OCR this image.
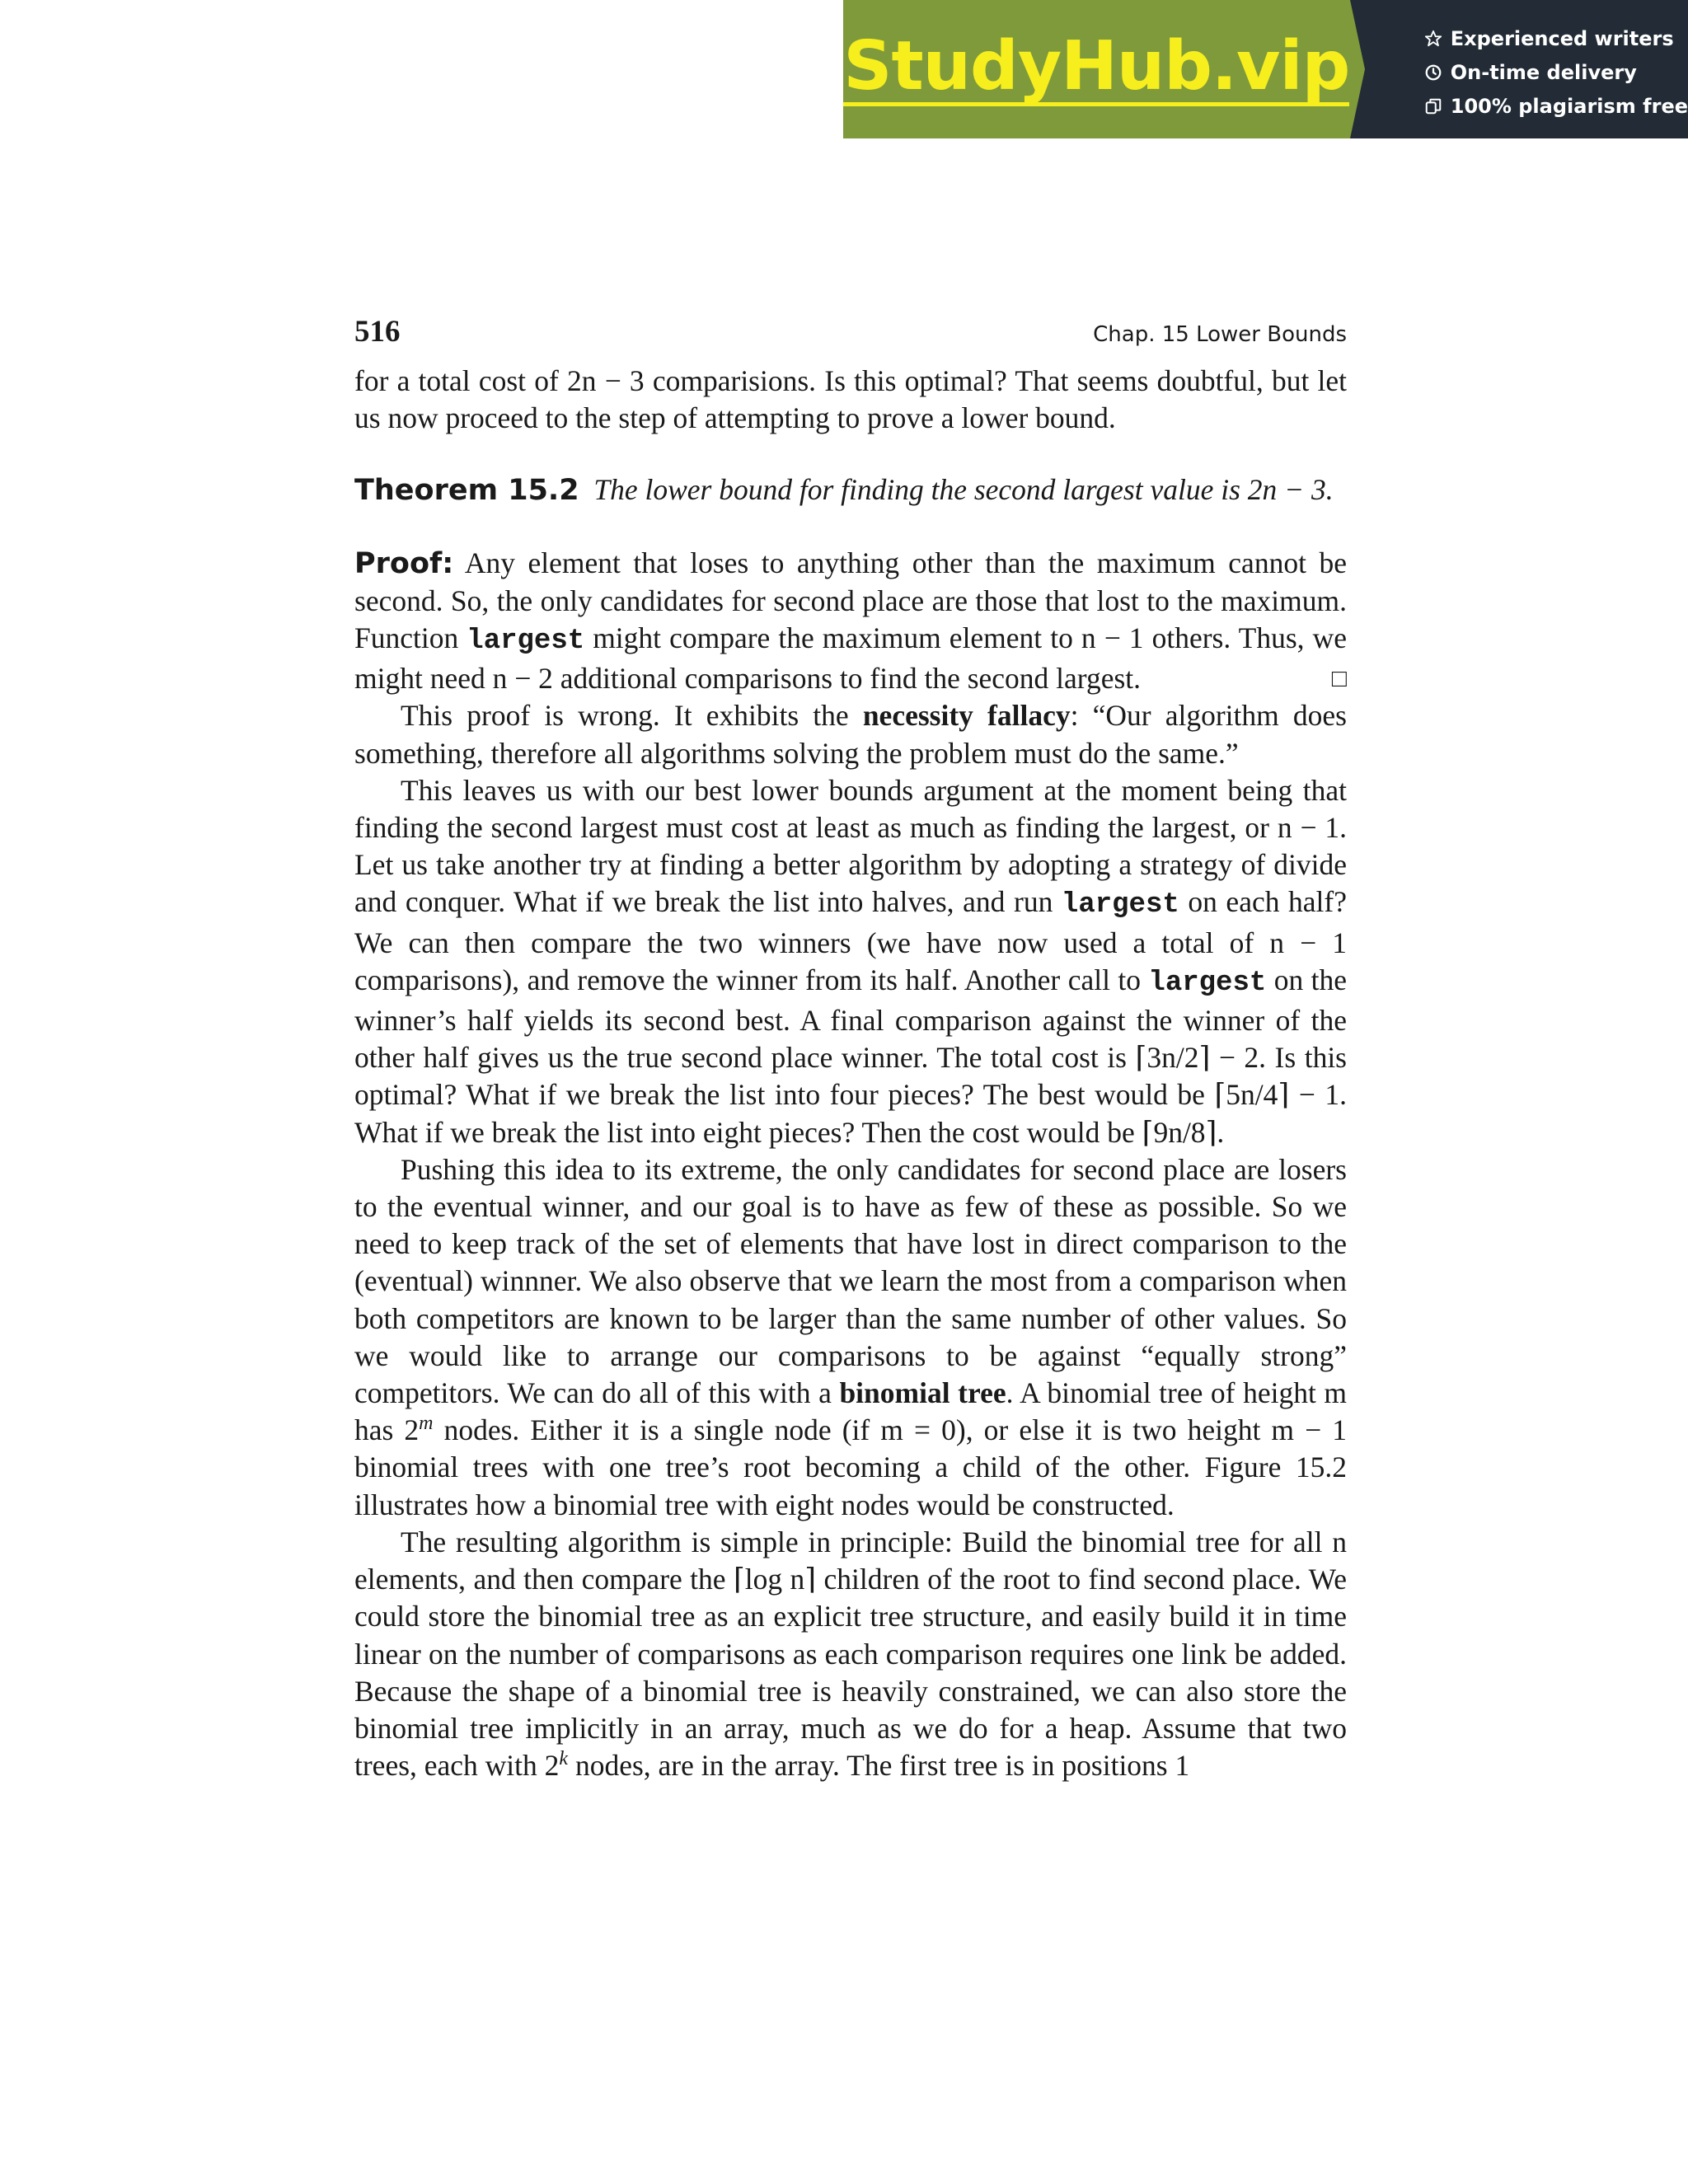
StudyHub.vip	Experienced writers
On-time delivery
100% plagiarism free
516	Chap. 15 Lower Bounds

for a total cost of 2n − 3 comparisions. Is this optimal? That seems doubtful, but let us now proceed to the step of attempting to prove a lower bound.

Theorem 15.2 The lower bound for finding the second largest value is 2n − 3.

Proof: Any element that loses to anything other than the maximum cannot be second. So, the only candidates for second place are those that lost to the maximum. Function largest might compare the maximum element to n − 1 others. Thus, we might need n − 2 additional comparisons to find the second largest.	□

This proof is wrong. It exhibits the necessity fallacy: “Our algorithm does something, therefore all algorithms solving the problem must do the same.”

This leaves us with our best lower bounds argument at the moment being that finding the second largest must cost at least as much as finding the largest, or n − 1. Let us take another try at finding a better algorithm by adopting a strategy of divide and conquer. What if we break the list into halves, and run largest on each half? We can then compare the two winners (we have now used a total of n − 1 comparisons), and remove the winner from its half. Another call to largest on the winner’s half yields its second best. A final comparison against the winner of the other half gives us the true second place winner. The total cost is ⌈3n/2⌉ − 2. Is this optimal? What if we break the list into four pieces? The best would be ⌈5n/4⌉ − 1. What if we break the list into eight pieces? Then the cost would be ⌈9n/8⌉.

Pushing this idea to its extreme, the only candidates for second place are losers to the eventual winner, and our goal is to have as few of these as possible. So we need to keep track of the set of elements that have lost in direct comparison to the (eventual) winnner. We also observe that we learn the most from a comparison when both competitors are known to be larger than the same number of other values. So we would like to arrange our comparisons to be against “equally strong” competitors. We can do all of this with a binomial tree. A binomial tree of height m has 2$^m$ nodes. Either it is a single node (if m = 0), or else it is two height m − 1 binomial trees with one tree’s root becoming a child of the other. Figure 15.2 illustrates how a binomial tree with eight nodes would be constructed.

The resulting algorithm is simple in principle: Build the binomial tree for all n elements, and then compare the ⌈log n⌉ children of the root to find second place. We could store the binomial tree as an explicit tree structure, and easily build it in time linear on the number of comparisons as each comparison requires one link be added. Because the shape of a binomial tree is heavily constrained, we can also store the binomial tree implicitly in an array, much as we do for a heap. Assume that two trees, each with 2$^k$ nodes, are in the array. The first tree is in positions 1
